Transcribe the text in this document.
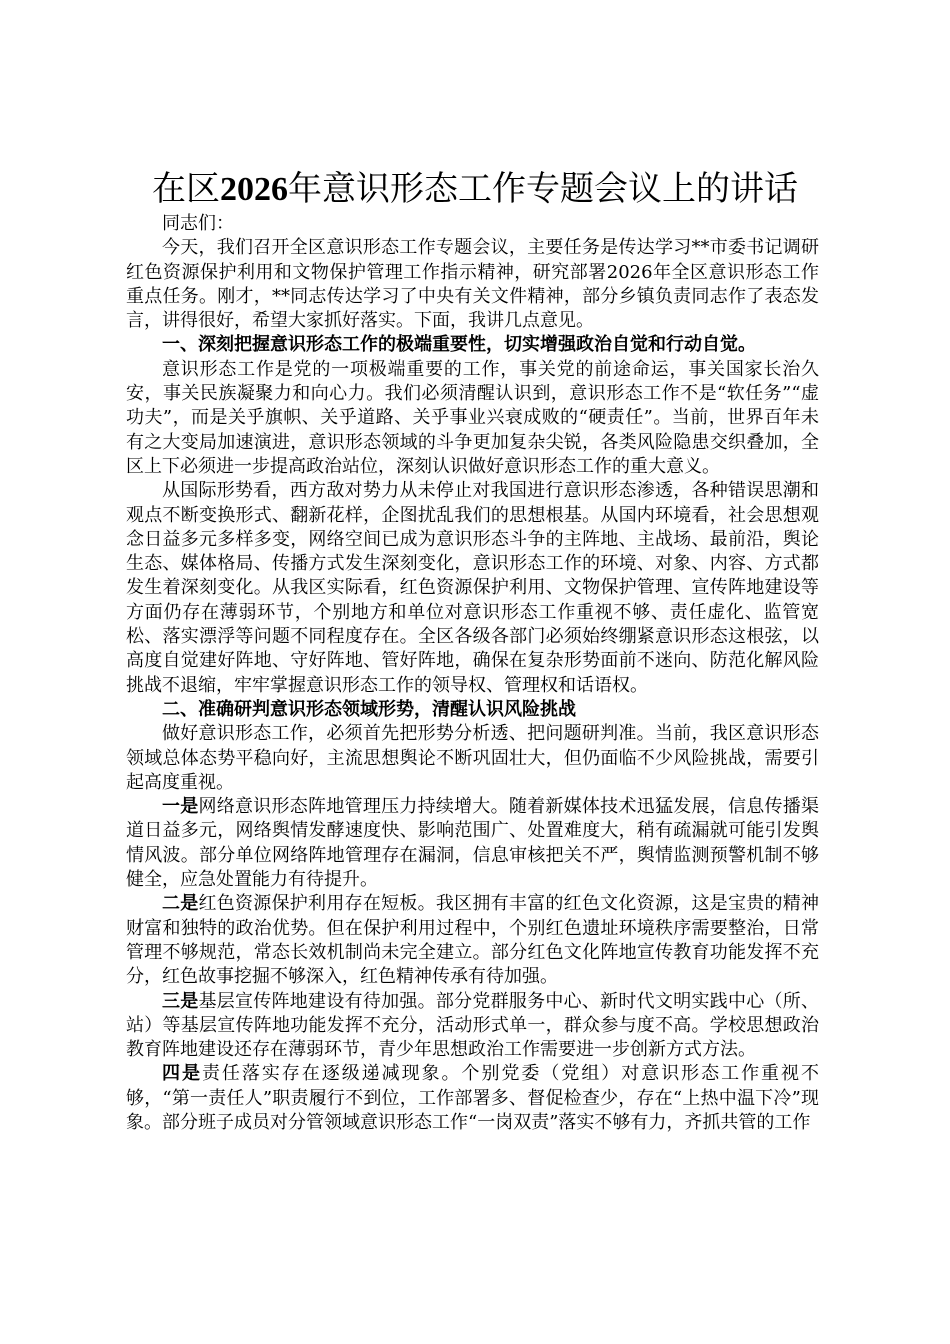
在区2026年意识形态工作专题会议上的讲话

同志们：

今天，我们召开全区意识形态工作专题会议，主要任务是传达学习**市委书记调研红色资源保护利用和文物保护管理工作指示精神，研究部署2026年全区意识形态工作重点任务。刚才，**同志传达学习了中央有关文件精神，部分乡镇负责同志作了表态发言，讲得很好，希望大家抓好落实。下面，我讲几点意见。

一、深刻把握意识形态工作的极端重要性，切实增强政治自觉和行动自觉。

意识形态工作是党的一项极端重要的工作，事关党的前途命运，事关国家长治久安，事关民族凝聚力和向心力。我们必须清醒认识到，意识形态工作不是“软任务”“虚功夫”，而是关乎旗帜、关乎道路、关乎事业兴衰成败的“硬责任”。当前，世界百年未有之大变局加速演进，意识形态领域的斗争更加复杂尖锐，各类风险隐患交织叠加，全区上下必须进一步提高政治站位，深刻认识做好意识形态工作的重大意义。

从国际形势看，西方敌对势力从未停止对我国进行意识形态渗透，各种错误思潮和观点不断变换形式、翻新花样，企图扰乱我们的思想根基。从国内环境看，社会思想观念日益多元多样多变，网络空间已成为意识形态斗争的主阵地、主战场、最前沿，舆论生态、媒体格局、传播方式发生深刻变化，意识形态工作的环境、对象、内容、方式都发生着深刻变化。从我区实际看，红色资源保护利用、文物保护管理、宣传阵地建设等方面仍存在薄弱环节，个别地方和单位对意识形态工作重视不够、责任虚化、监管宽松、落实漂浮等问题不同程度存在。全区各级各部门必须始终绷紧意识形态这根弦，以高度自觉建好阵地、守好阵地、管好阵地，确保在复杂形势面前不迷向、防范化解风险挑战不退缩，牢牢掌握意识形态工作的领导权、管理权和话语权。

二、准确研判意识形态领域形势，清醒认识风险挑战

做好意识形态工作，必须首先把形势分析透、把问题研判准。当前，我区意识形态领域总体态势平稳向好，主流思想舆论不断巩固壮大，但仍面临不少风险挑战，需要引起高度重视。

一是网络意识形态阵地管理压力持续增大。随着新媒体技术迅猛发展，信息传播渠道日益多元，网络舆情发酵速度快、影响范围广、处置难度大，稍有疏漏就可能引发舆情风波。部分单位网络阵地管理存在漏洞，信息审核把关不严，舆情监测预警机制不够健全，应急处置能力有待提升。

二是红色资源保护利用存在短板。我区拥有丰富的红色文化资源，这是宝贵的精神财富和独特的政治优势。但在保护利用过程中，个别红色遗址环境秩序需要整治，日常管理不够规范，常态长效机制尚未完全建立。部分红色文化阵地宣传教育功能发挥不充分，红色故事挖掘不够深入，红色精神传承有待加强。

三是基层宣传阵地建设有待加强。部分党群服务中心、新时代文明实践中心（所、站）等基层宣传阵地功能发挥不充分，活动形式单一，群众参与度不高。学校思想政治教育阵地建设还存在薄弱环节，青少年思想政治工作需要进一步创新方式方法。

四是责任落实存在逐级递减现象。个别党委（党组）对意识形态工作重视不够，“第一责任人”职责履行不到位，工作部署多、督促检查少，存在“上热中温下冷”现象。部分班子成员对分管领域意识形态工作“一岗双责”落实不够有力，齐抓共管的工作
